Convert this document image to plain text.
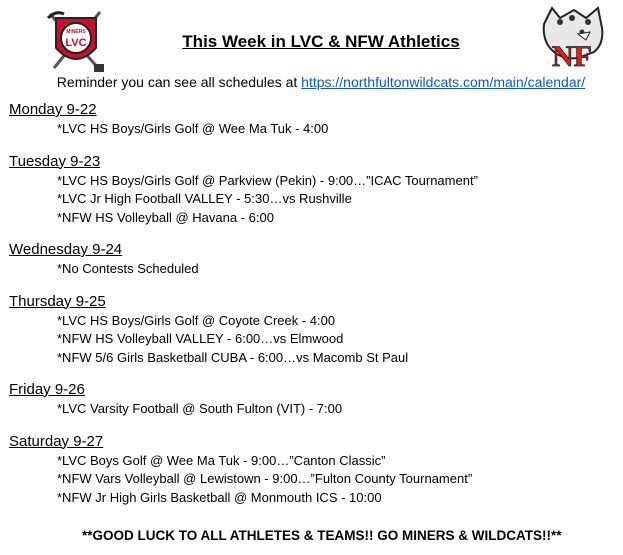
MINERS
LVC	NF
This Week in LVC & NFW Athletics
Reminder you can see all schedules at https://northfultonwildcats.com/main/calendar/
Monday 9-22
*LVC HS Boys/Girls Golf @ Wee Ma Tuk - 4:00
Tuesday 9-23
*LVC HS Boys/Girls Golf @ Parkview (Pekin) - 9:00…”ICAC Tournament”
*LVC Jr High Football VALLEY - 5:30…vs Rushville
*NFW HS Volleyball @ Havana - 6:00
Wednesday 9-24
*No Contests Scheduled
Thursday 9-25
*LVC HS Boys/Girls Golf @ Coyote Creek - 4:00
*NFW HS Volleyball VALLEY - 6:00…vs Elmwood
*NFW 5/6 Girls Basketball CUBA - 6:00…vs Macomb St Paul
Friday 9-26
*LVC Varsity Football @ South Fulton (VIT) - 7:00
Saturday 9-27
*LVC Boys Golf @ Wee Ma Tuk - 9:00…”Canton Classic”
*NFW Vars Volleyball @ Lewistown - 9:00…”Fulton County Tournament”
*NFW Jr High Girls Basketball @ Monmouth ICS - 10:00
**GOOD LUCK TO ALL ATHLETES & TEAMS!! GO MINERS & WILDCATS!!**
